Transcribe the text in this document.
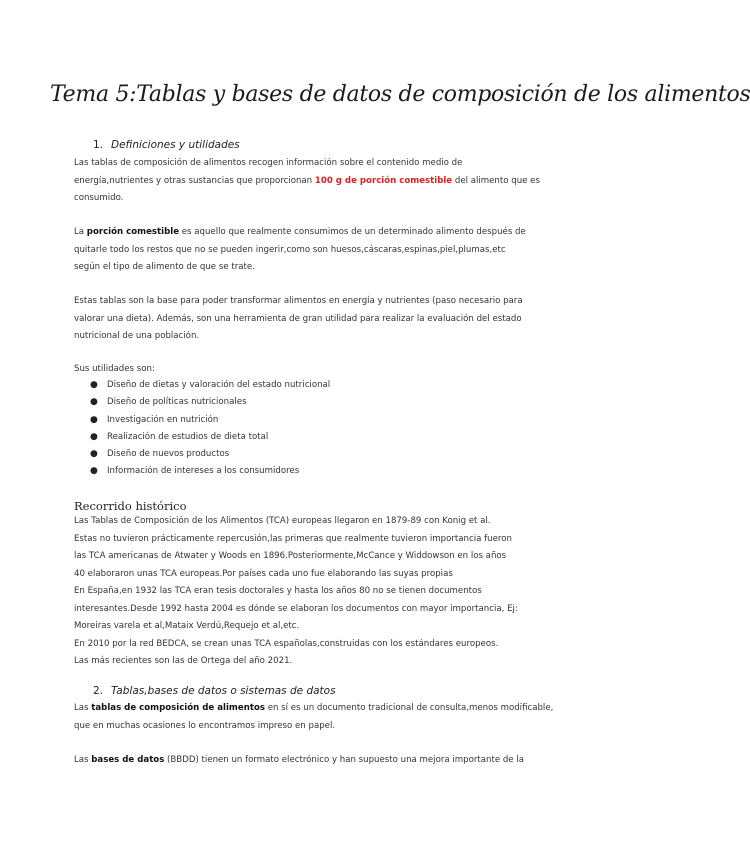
Tema 5:Tablas y bases de datos de composición de los alimentos
1. Definiciones y utilidades
Las tablas de composición de alimentos recogen información sobre el contenido medio de
energía,nutrientes y otras sustancias que proporcionan 100 g de porción comestible del alimento que es
consumido.
La porción comestible es aquello que realmente consumimos de un determinado alimento después de
quitarle todo los restos que no se pueden ingerir,como son huesos,cáscaras,espinas,piel,plumas,etc
según el tipo de alimento de que se trate.
Estas tablas son la base para poder transformar alimentos en energía y nutrientes (paso necesario para
valorar una dieta). Además, son una herramienta de gran utilidad para realizar la evaluación del estado
nutricional de una población.
Sus utilidades son:
● Diseño de dietas y valoración del estado nutricional
● Diseño de políticas nutricionales
● Investigación en nutrición
● Realización de estudios de dieta total
● Diseño de nuevos productos
● Información de intereses a los consumidores
Recorrido histórico
Las Tablas de Composición de los Alimentos (TCA) europeas llegaron en 1879-89 con Konig et al.
Estas no tuvieron prácticamente repercusión,las primeras que realmente tuvieron importancia fueron
las TCA americanas de Atwater y Woods en 1896.Posteriormente,McCance y Widdowson en los años
40 elaboraron unas TCA europeas.Por países cada uno fue elaborando las suyas propias
En España,en 1932 las TCA eran tesis doctorales y hasta los años 80 no se tienen documentos
interesantes.Desde 1992 hasta 2004 es dónde se elaboran los documentos con mayor importancia, Ej:
Moreiras varela et al,Mataix Verdú,Requejo et al,etc.
En 2010 por la red BEDCA, se crean unas TCA españolas,construidas con los estándares europeos.
Las más recientes son las de Ortega del año 2021.
2. Tablas,bases de datos o sistemas de datos
Las tablas de composición de alimentos en sí es un documento tradicional de consulta,menos modificable,
que en muchas ocasiones lo encontramos impreso en papel.
Las bases de datos (BBDD) tienen un formato electrónico y han supuesto una mejora importante de la
